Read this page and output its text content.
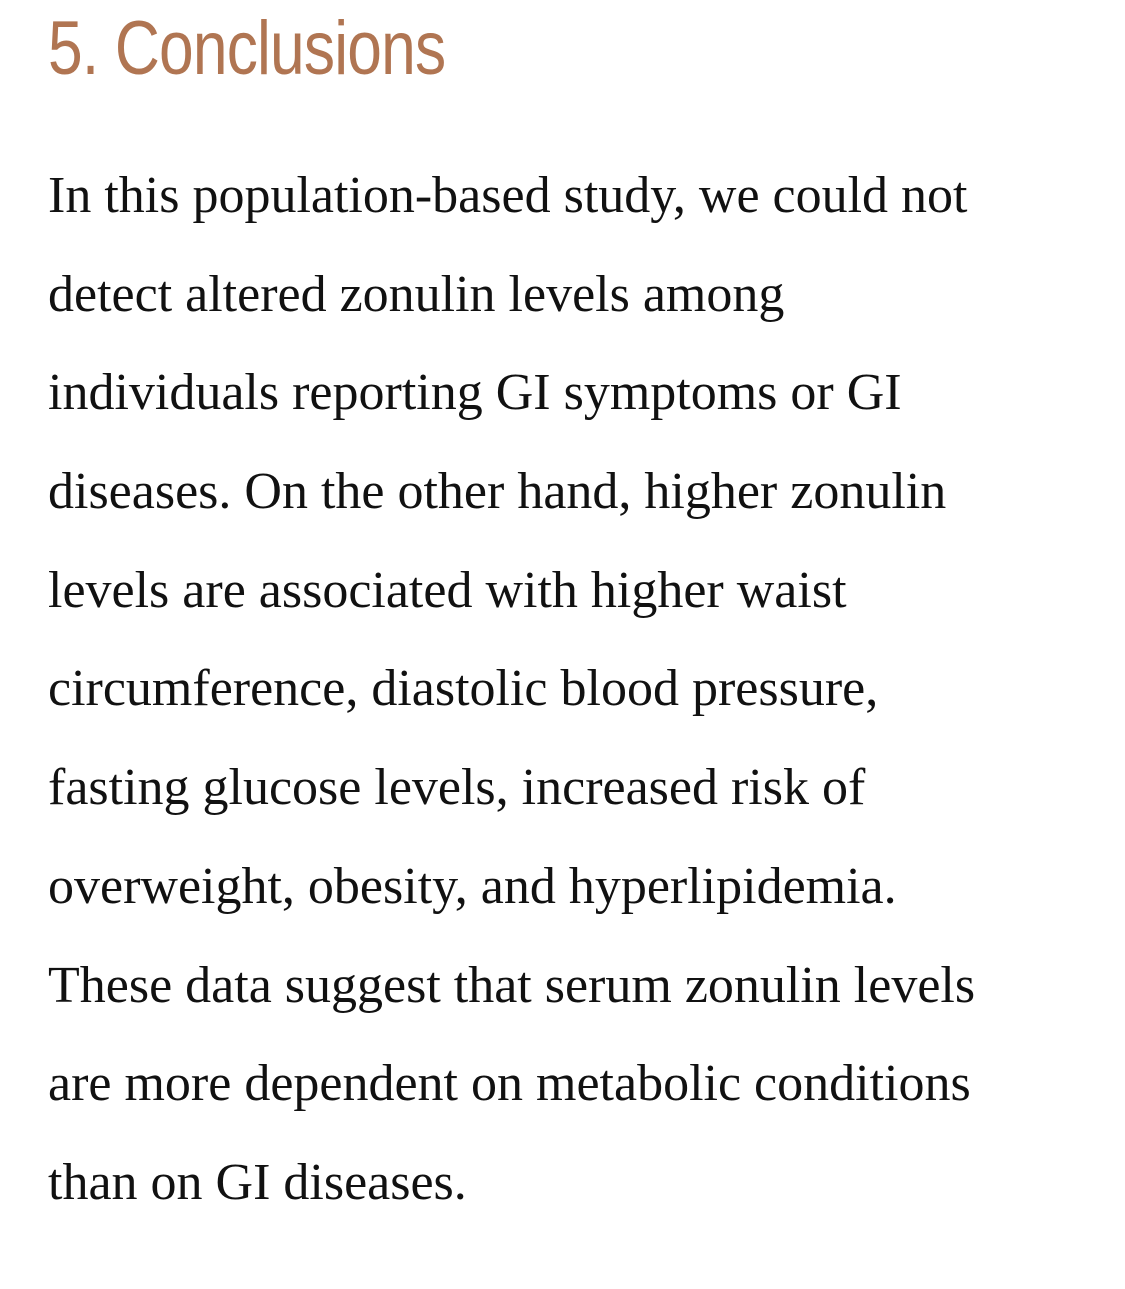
5. Conclusions

In this population-based study, we could not
detect altered zonulin levels among
individuals reporting GI symptoms or GI
diseases. On the other hand, higher zonulin
levels are associated with higher waist
circumference, diastolic blood pressure,
fasting glucose levels, increased risk of
overweight, obesity, and hyperlipidemia.
These data suggest that serum zonulin levels
are more dependent on metabolic conditions
than on GI diseases.
